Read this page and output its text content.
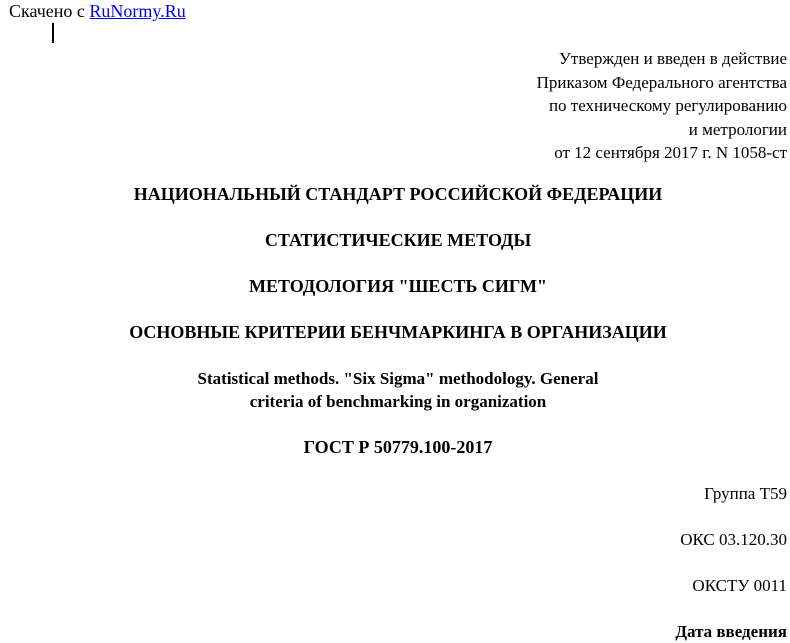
Скачено с RuNormy.Ru
Утвержден и введен в действие
Приказом Федерального агентства
по техническому регулированию
и метрологии
от 12 сентября 2017 г. N 1058-ст
НАЦИОНАЛЬНЫЙ СТАНДАРТ РОССИЙСКОЙ ФЕДЕРАЦИИ
СТАТИСТИЧЕСКИЕ МЕТОДЫ
МЕТОДОЛОГИЯ "ШЕСТЬ СИГМ"
ОСНОВНЫЕ КРИТЕРИИ БЕНЧМАРКИНГА В ОРГАНИЗАЦИИ
Statistical methods. "Six Sigma" methodology. General
criteria of benchmarking in organization
ГОСТ Р 50779.100-2017
Группа Т59
ОКС 03.120.30
ОКСТУ 0011
Дата введения
